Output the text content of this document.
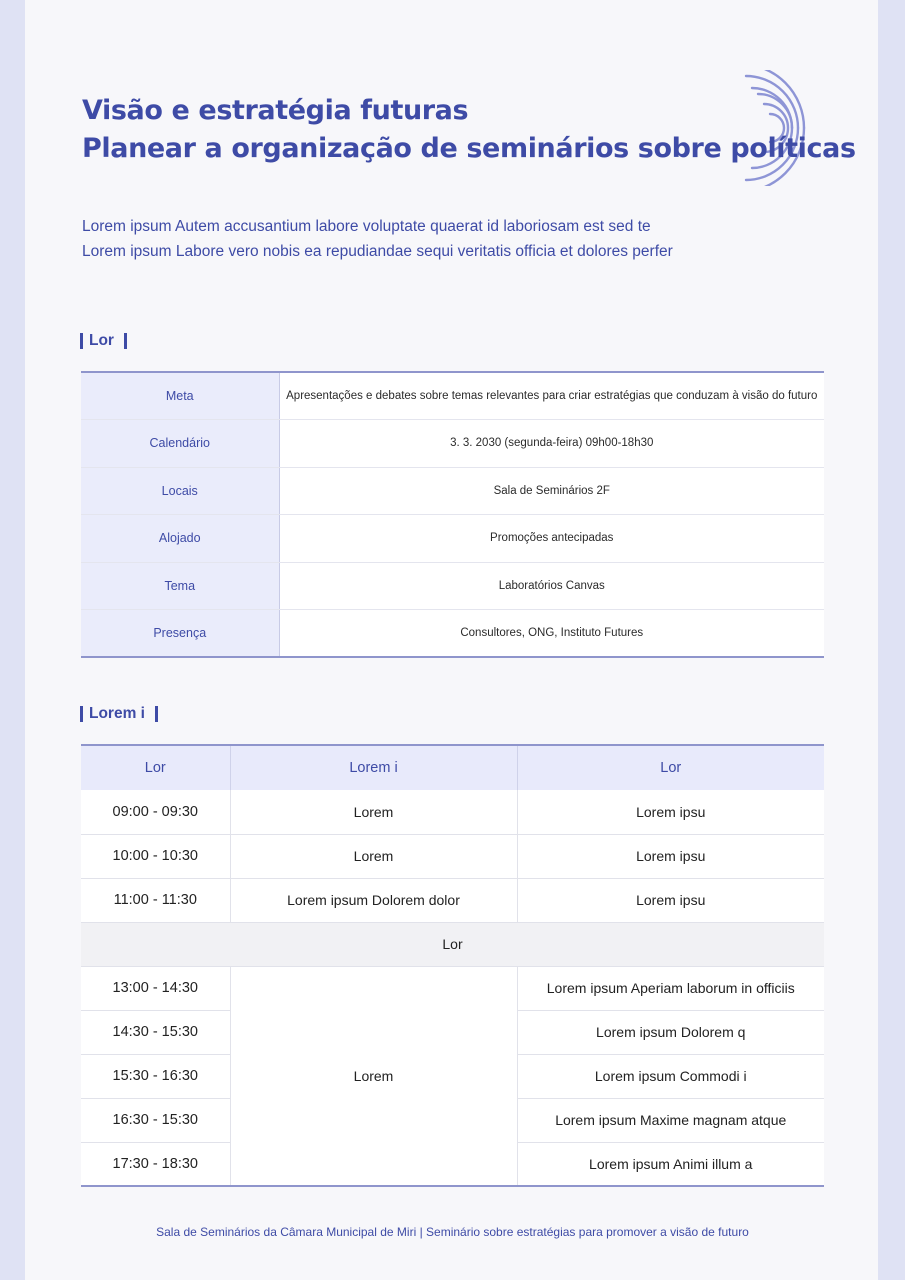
Visão e estratégia futuras
Planear a organização de seminários sobre políticas
Lorem ipsum Autem accusantium labore voluptate quaerat id laboriosam est sed te
Lorem ipsum Labore vero nobis ea repudiandae sequi veritatis officia et dolores perfer
Lor
Meta	Apresentações e debates sobre temas relevantes para criar estratégias que conduzam à visão do futuro
Calendário	3. 3. 2030 (segunda-feira) 09h00-18h30
Locais	Sala de Seminários 2F
Alojado	Promoções antecipadas
Tema	Laboratórios Canvas
Presença	Consultores, ONG, Instituto Futures
Lorem i
Lor	Lorem i	Lor
09:00 - 09:30	Lorem	Lorem ipsu
10:00 - 10:30	Lorem	Lorem ipsu
11:00 - 11:30	Lorem ipsum Dolorem dolor	Lorem ipsu
Lor		
13:00 - 14:30	Lorem	Lorem ipsum Aperiam laborum in officiis
14:30 - 15:30		Lorem ipsum Dolorem q
15:30 - 16:30		Lorem ipsum Commodi i
16:30 - 15:30		Lorem ipsum Maxime magnam atque
17:30 - 18:30		Lorem ipsum Animi illum a
Sala de Seminários da Câmara Municipal de Miri | Seminário sobre estratégias para promover a visão de futuro
